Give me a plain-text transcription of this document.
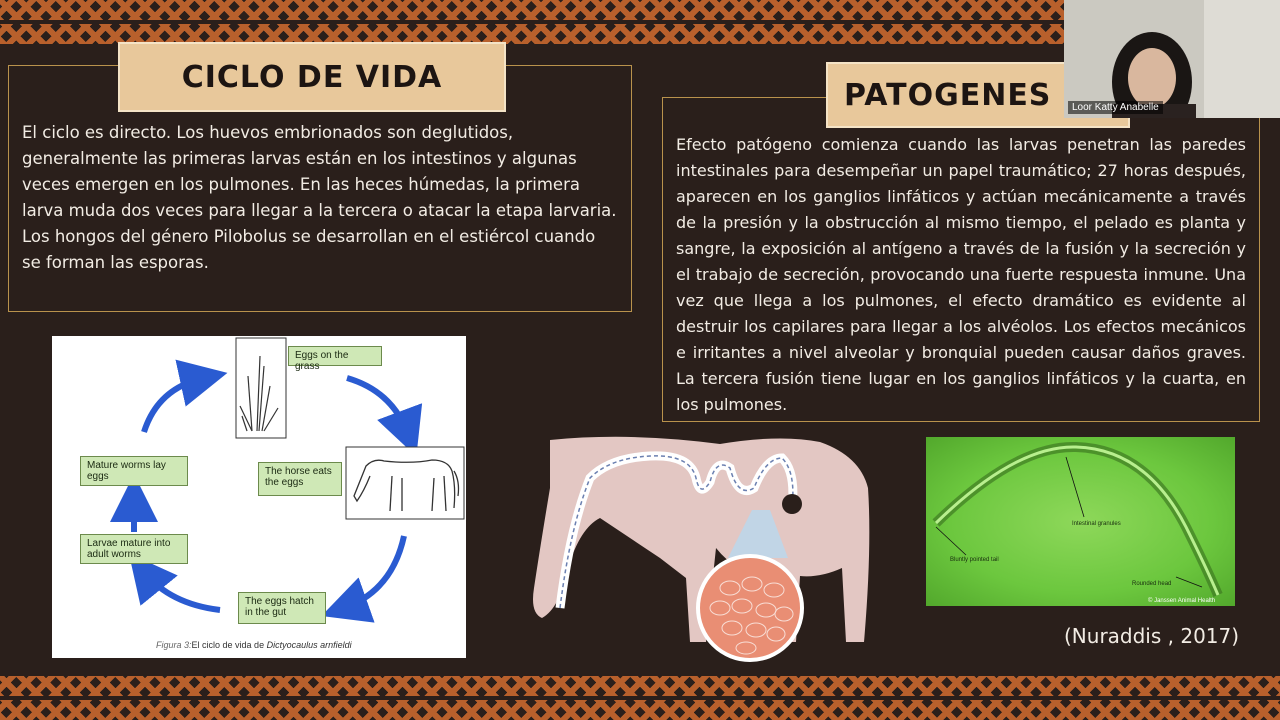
CICLO DE VIDA
El ciclo es directo. Los huevos embrionados son deglutidos, generalmente las primeras larvas están en los intestinos y algunas veces emergen en los pulmones. En las heces húmedas, la primera larva muda dos veces para llegar a la tercera o atacar la etapa larvaria. Los hongos del género Pilobolus se desarrollan en el estiércol cuando se forman las esporas.
Eggs on the grass
The horse eats the eggs
The eggs hatch in the gut
Larvae mature into adult worms
Mature worms lay eggs
Figura 3:El ciclo de vida de Dictyocaulus arnfieldi
PATOGENES
Efecto patógeno comienza cuando las larvas penetran las paredes intestinales para desempeñar un papel traumático; 27 horas después, aparecen en los ganglios linfáticos y actúan mecánicamente a través de la presión y la obstrucción al mismo tiempo, el pelado es planta y sangre, la exposición al antígeno a través de la fusión y la secreción y el trabajo de secreción, provocando una fuerte respuesta inmune. Una vez que llega a los pulmones, el efecto dramático es evidente al destruir los capilares para llegar a los alvéolos. Los efectos mecánicos e irritantes a nivel alveolar y bronquial pueden causar daños graves. La tercera fusión tiene lugar en los ganglios linfáticos y la cuarta, en los pulmones.
Bluntly pointed tail
Intestinal granules
Rounded head
© Janssen Animal Health
(Nuraddis , 2017)
Loor Katty Anabelle
